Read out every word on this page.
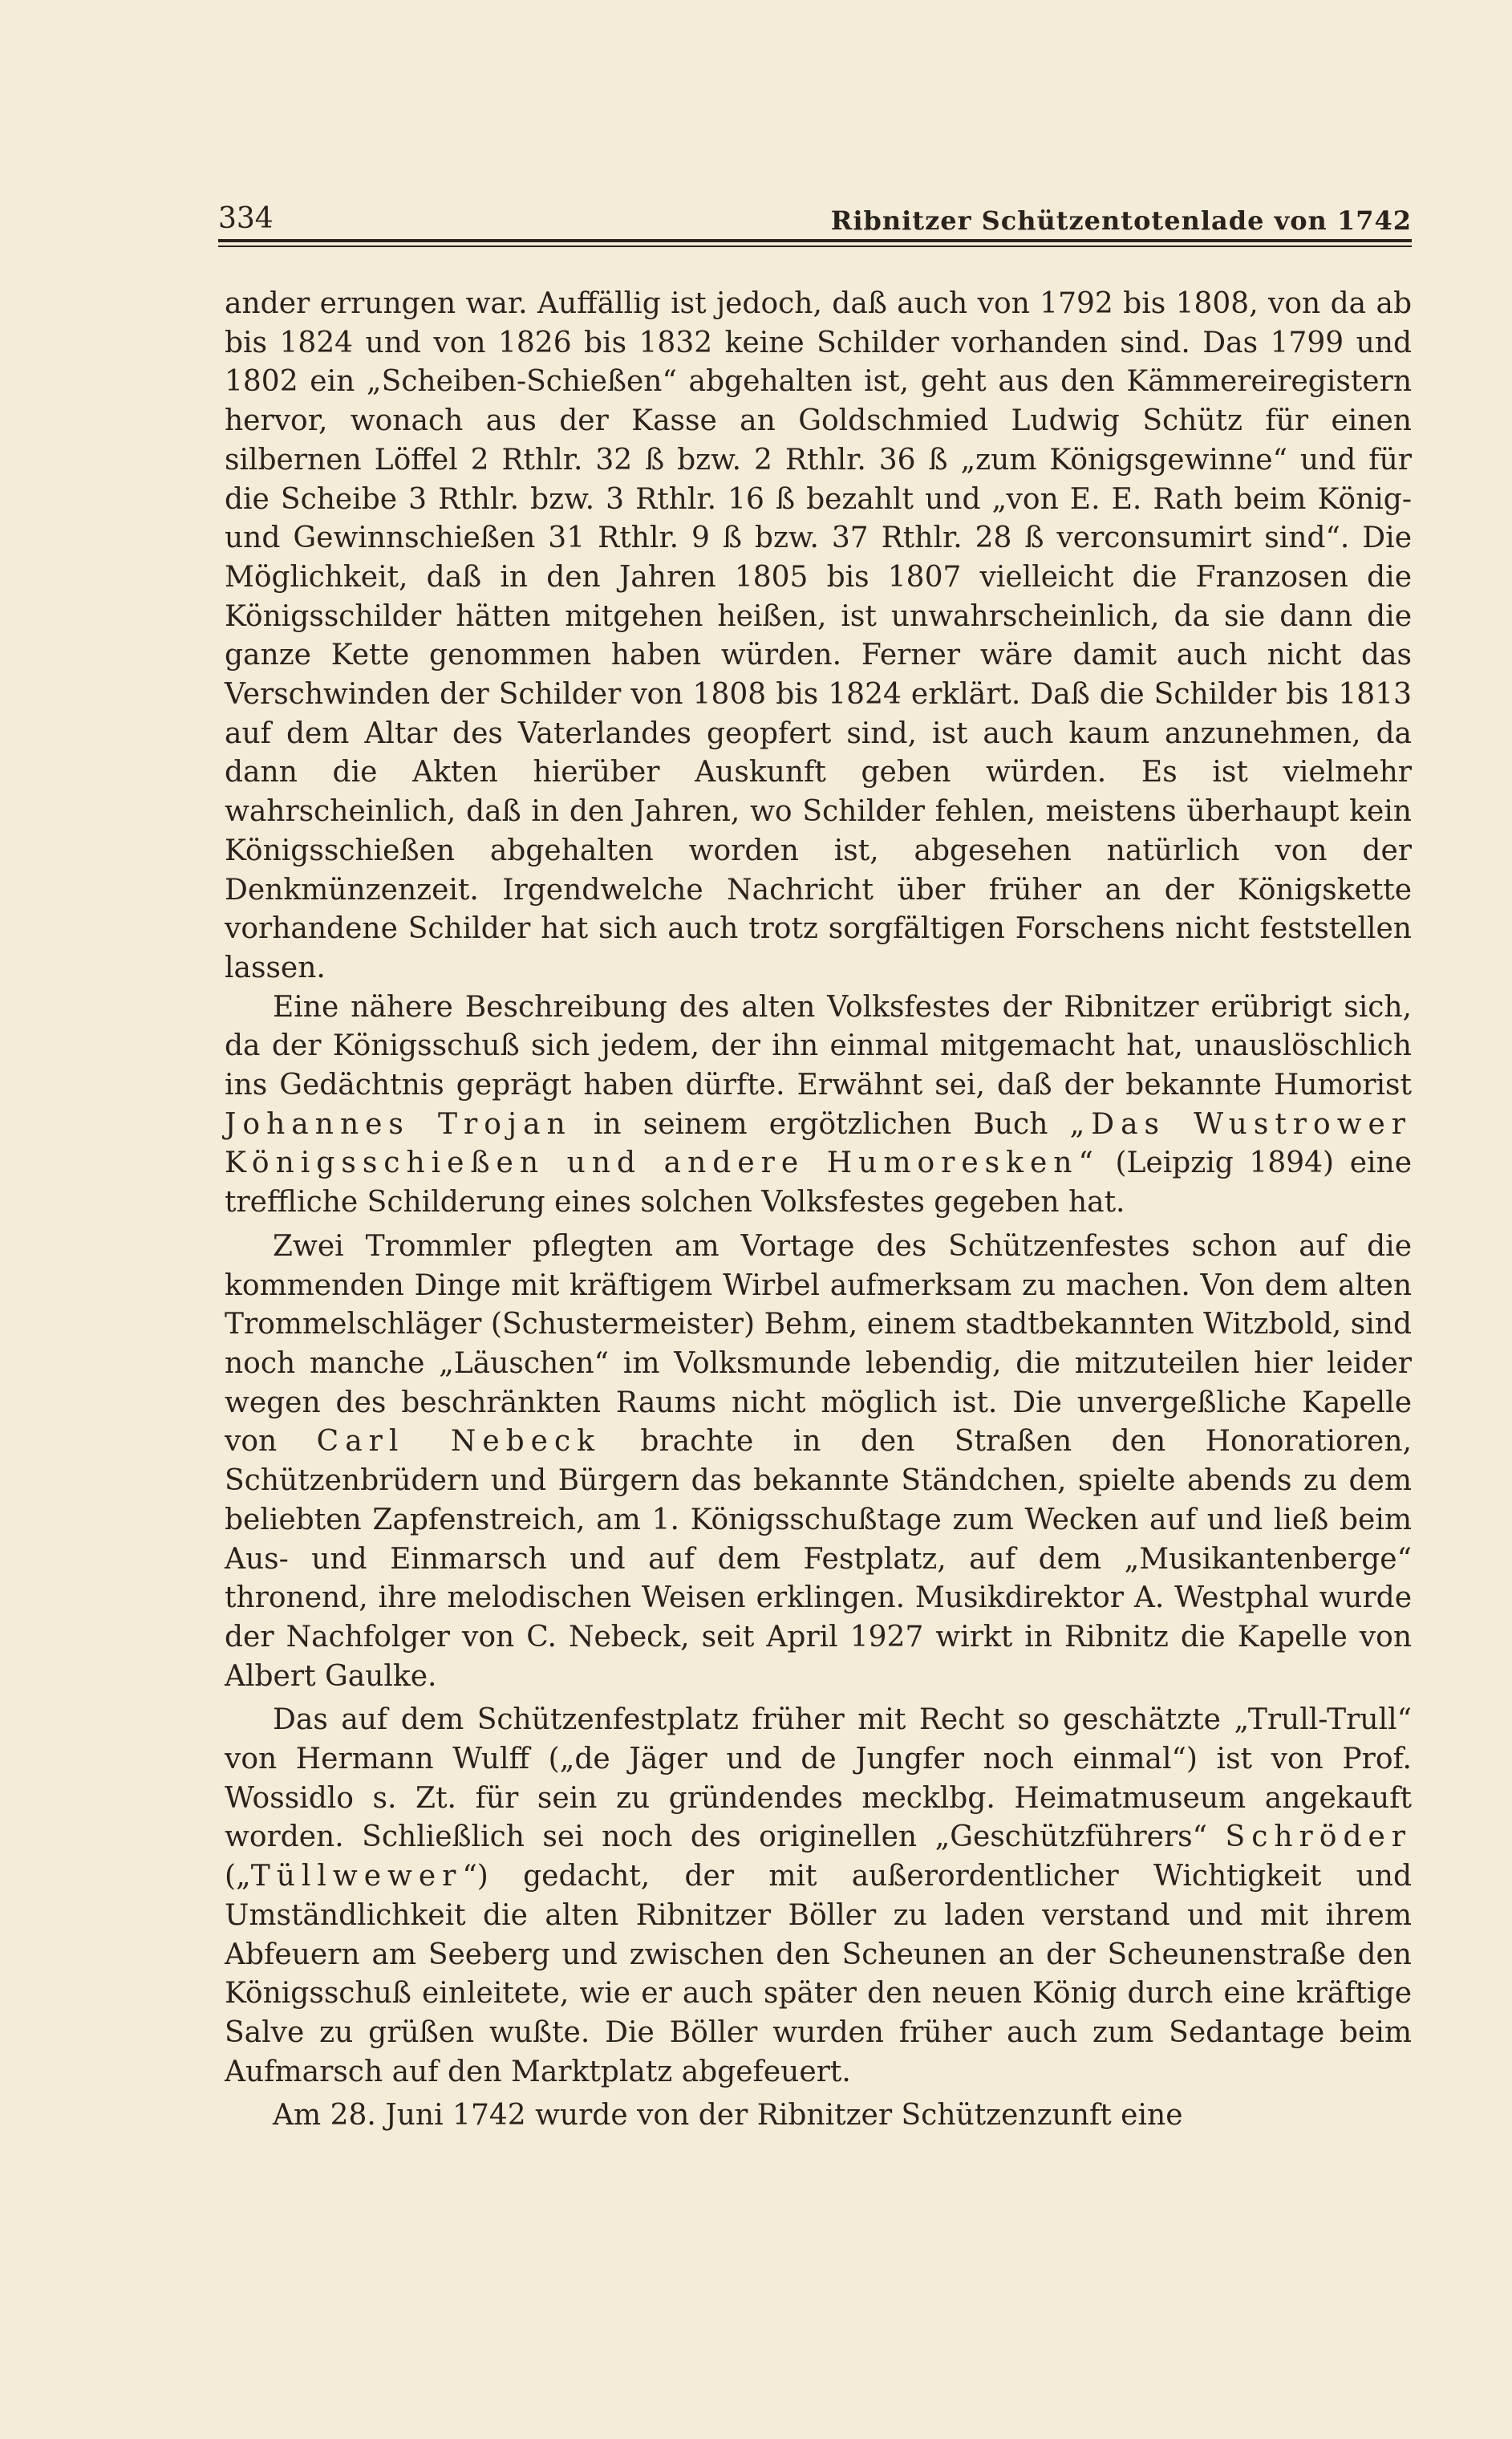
334	Ribnitzer Schützentotenlade von 1742

ander errungen war. Auffällig ist jedoch, daß auch von 1792 bis 1808, von da ab bis 1824 und von 1826 bis 1832 keine Schilder vorhanden sind. Das 1799 und 1802 ein „Scheiben-Schießen“ abgehalten ist, geht aus den Kämmereiregistern hervor, wonach aus der Kasse an Goldschmied Ludwig Schütz für einen silbernen Löffel 2 Rthlr. 32 ß bzw. 2 Rthlr. 36 ß „zum Königsgewinne“ und für die Scheibe 3 Rthlr. bzw. 3 Rthlr. 16 ß bezahlt und „von E. E. Rath beim König- und Gewinnschießen 31 Rthlr. 9 ß bzw. 37 Rthlr. 28 ß verconsumirt sind“. Die Möglichkeit, daß in den Jahren 1805 bis 1807 vielleicht die Franzosen die Königsschilder hätten mitgehen heißen, ist unwahrscheinlich, da sie dann die ganze Kette genommen haben würden. Ferner wäre damit auch nicht das Verschwinden der Schilder von 1808 bis 1824 erklärt. Daß die Schilder bis 1813 auf dem Altar des Vaterlandes geopfert sind, ist auch kaum anzunehmen, da dann die Akten hierüber Auskunft geben würden. Es ist vielmehr wahrscheinlich, daß in den Jahren, wo Schilder fehlen, meistens überhaupt kein Königsschießen abgehalten worden ist, abgesehen natürlich von der Denkmünzenzeit. Irgendwelche Nachricht über früher an der Königskette vorhandene Schilder hat sich auch trotz sorgfältigen Forschens nicht feststellen lassen.

Eine nähere Beschreibung des alten Volksfestes der Ribnitzer erübrigt sich, da der Königsschuß sich jedem, der ihn einmal mitgemacht hat, unauslöschlich ins Gedächtnis geprägt haben dürfte. Erwähnt sei, daß der bekannte Humorist Johannes Trojan in seinem ergötzlichen Buch „Das Wustrower Königsschießen und andere Humoresken“ (Leipzig 1894) eine treffliche Schilderung eines solchen Volksfestes gegeben hat.

Zwei Trommler pflegten am Vortage des Schützenfestes schon auf die kommenden Dinge mit kräftigem Wirbel aufmerksam zu machen. Von dem alten Trommelschläger (Schustermeister) Behm, einem stadtbekannten Witzbold, sind noch manche „Läuschen“ im Volksmunde lebendig, die mitzuteilen hier leider wegen des beschränkten Raums nicht möglich ist. Die unvergeßliche Kapelle von Carl Nebeck brachte in den Straßen den Honoratioren, Schützenbrüdern und Bürgern das bekannte Ständchen, spielte abends zu dem beliebten Zapfenstreich, am 1. Königsschußtage zum Wecken auf und ließ beim Aus- und Einmarsch und auf dem Festplatz, auf dem „Musikantenberge“ thronend, ihre melodischen Weisen erklingen. Musikdirektor A. Westphal wurde der Nachfolger von C. Nebeck, seit April 1927 wirkt in Ribnitz die Kapelle von Albert Gaulke.

Das auf dem Schützenfestplatz früher mit Recht so geschätzte „Trull-Trull“ von Hermann Wulff („de Jäger und de Jungfer noch einmal“) ist von Prof. Wossidlo s. Zt. für sein zu gründendes mecklbg. Heimatmuseum angekauft worden. Schließlich sei noch des originellen „Geschützführers“ Schröder („Tüllwewer“) gedacht, der mit außerordentlicher Wichtigkeit und Umständlichkeit die alten Ribnitzer Böller zu laden verstand und mit ihrem Abfeuern am Seeberg und zwischen den Scheunen an der Scheunenstraße den Königsschuß einleitete, wie er auch später den neuen König durch eine kräftige Salve zu grüßen wußte. Die Böller wurden früher auch zum Sedantage beim Aufmarsch auf den Marktplatz abgefeuert.

Am 28. Juni 1742 wurde von der Ribnitzer Schützenzunft eine
